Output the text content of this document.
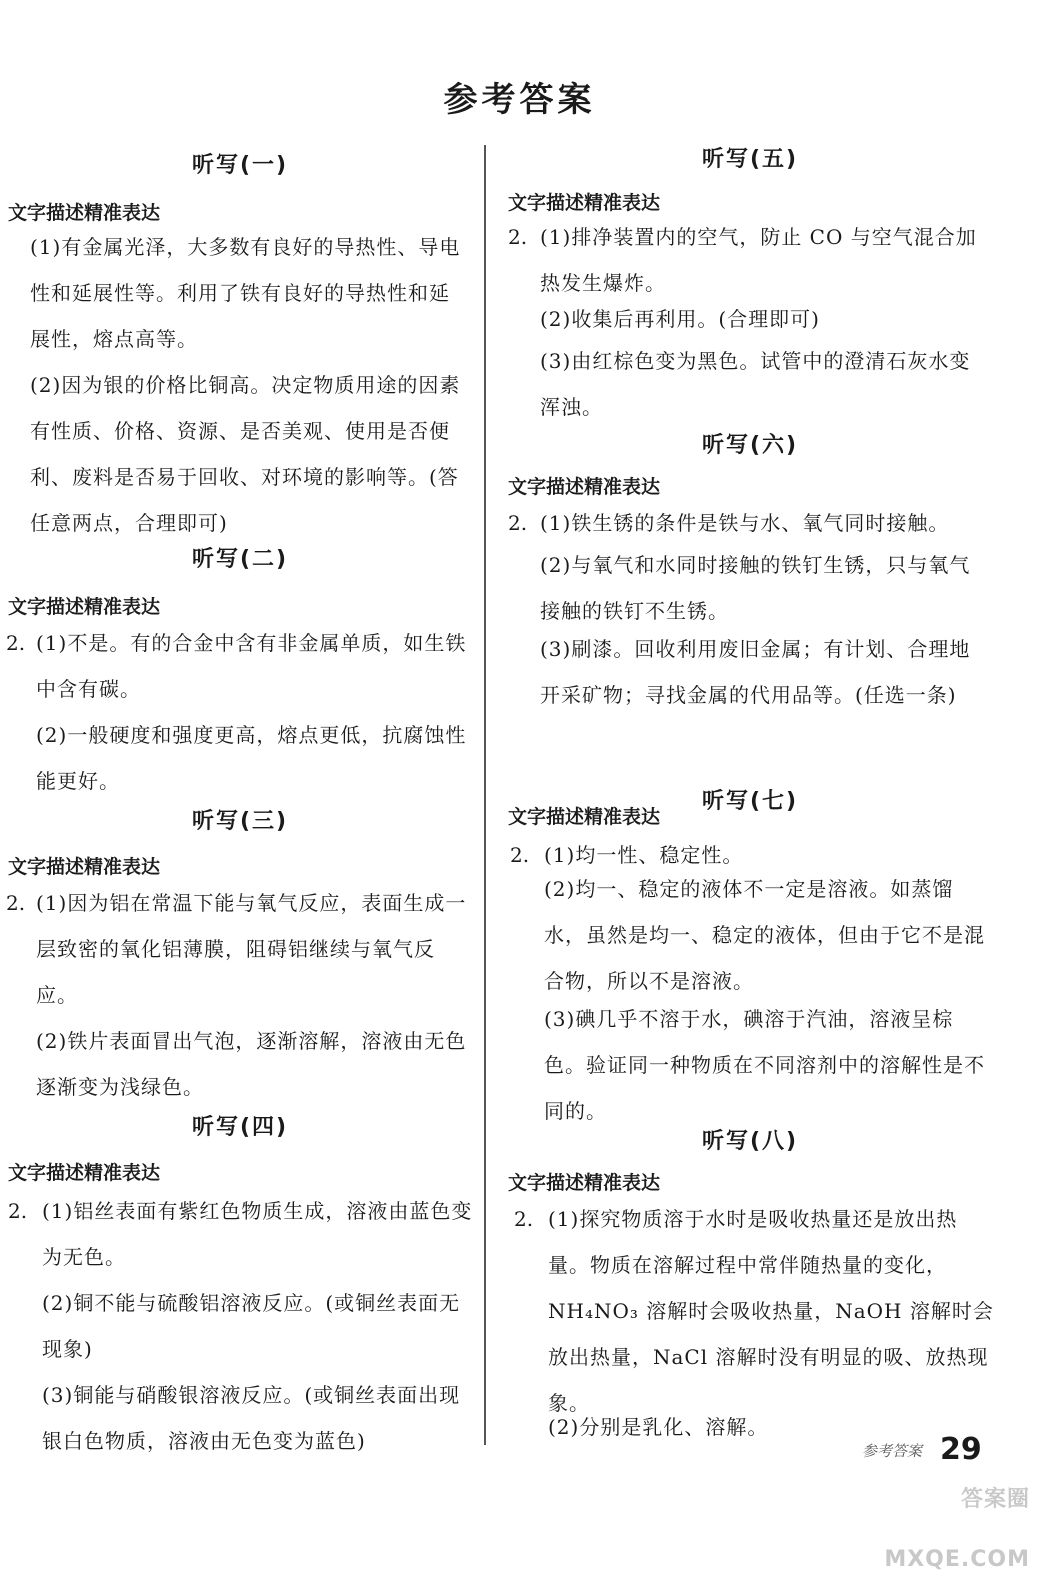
参考答案
听写(一)
文字描述精准表达
(1)有金属光泽，大多数有良好的导热性、导电性和延展性等。利用了铁有良好的导热性和延展性，熔点高等。
(2)因为银的价格比铜高。决定物质用途的因素有性质、价格、资源、是否美观、使用是否便利、废料是否易于回收、对环境的影响等。(答任意两点，合理即可)
听写(二)
文字描述精准表达
2. (1)不是。有的合金中含有非金属单质，如生铁中含有碳。
(2)一般硬度和强度更高，熔点更低，抗腐蚀性能更好。
听写(三)
文字描述精准表达
2. (1)因为铝在常温下能与氧气反应，表面生成一层致密的氧化铝薄膜，阻碍铝继续与氧气反应。
(2)铁片表面冒出气泡，逐渐溶解，溶液由无色逐渐变为浅绿色。
听写(四)
文字描述精准表达
2. (1)铝丝表面有紫红色物质生成，溶液由蓝色变为无色。
(2)铜不能与硫酸铝溶液反应。(或铜丝表面无现象)
(3)铜能与硝酸银溶液反应。(或铜丝表面出现银白色物质，溶液由无色变为蓝色)
听写(五)
文字描述精准表达
2. (1)排净装置内的空气，防止 CO 与空气混合加热发生爆炸。
(2)收集后再利用。(合理即可)
(3)由红棕色变为黑色。试管中的澄清石灰水变浑浊。
听写(六)
文字描述精准表达
2. (1)铁生锈的条件是铁与水、氧气同时接触。
(2)与氧气和水同时接触的铁钉生锈，只与氧气接触的铁钉不生锈。
(3)刷漆。回收利用废旧金属；有计划、合理地开采矿物；寻找金属的代用品等。(任选一条)
听写(七)
文字描述精准表达
2. (1)均一性、稳定性。
(2)均一、稳定的液体不一定是溶液。如蒸馏水，虽然是均一、稳定的液体，但由于它不是混合物，所以不是溶液。
(3)碘几乎不溶于水，碘溶于汽油，溶液呈棕色。验证同一种物质在不同溶剂中的溶解性是不同的。
听写(八)
文字描述精准表达
2. (1)探究物质溶于水时是吸收热量还是放出热量。物质在溶解过程中常伴随热量的变化，NH₄NO₃ 溶解时会吸收热量，NaOH 溶解时会放出热量，NaCl 溶解时没有明显的吸、放热现象。
(2)分别是乳化、溶解。
参考答案 29
答案圈 MXQE.COM
